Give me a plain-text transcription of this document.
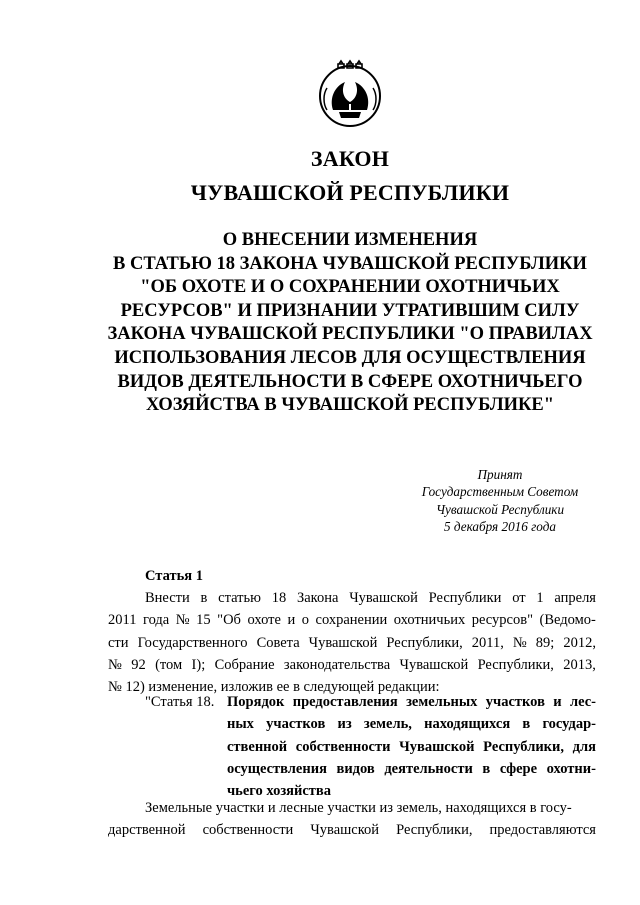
ЗАКОН
ЧУВАШСКОЙ РЕСПУБЛИКИ
О ВНЕСЕНИИ ИЗМЕНЕНИЯ
В СТАТЬЮ 18 ЗАКОНА ЧУВАШСКОЙ РЕСПУБЛИКИ
"ОБ ОХОТЕ И О СОХРАНЕНИИ ОХОТНИЧЬИХ
РЕСУРСОВ" И ПРИЗНАНИИ УТРАТИВШИМ СИЛУ
ЗАКОНА ЧУВАШСКОЙ РЕСПУБЛИКИ "О ПРАВИЛАХ
ИСПОЛЬЗОВАНИЯ ЛЕСОВ ДЛЯ ОСУЩЕСТВЛЕНИЯ
ВИДОВ ДЕЯТЕЛЬНОСТИ В СФЕРЕ ОХОТНИЧЬЕГО
ХОЗЯЙСТВА В ЧУВАШСКОЙ РЕСПУБЛИКЕ"
Принят
Государственным Советом
Чувашской Республики
5 декабря 2016 года
Статья 1
Внести в статью 18 Закона Чувашской Республики от 1 апреля
2011 года № 15 "Об охоте и о сохранении охотничьих ресурсов" (Ведомо-
сти Государственного Совета Чувашской Республики, 2011, № 89; 2012,
№ 92 (том I); Собрание законодательства Чувашской Республики, 2013,
№ 12) изменение, изложив ее в следующей редакции:
"Статья 18. Порядок предоставления земельных участков и лес-
ных участков из земель, находящихся в государ-
ственной собственности Чувашской Республики, для
осуществления видов деятельности в сфере охотни-
чьего хозяйства
Земельные участки и лесные участки из земель, находящихся в госу-
дарственной собственности Чувашской Республики, предоставляются
